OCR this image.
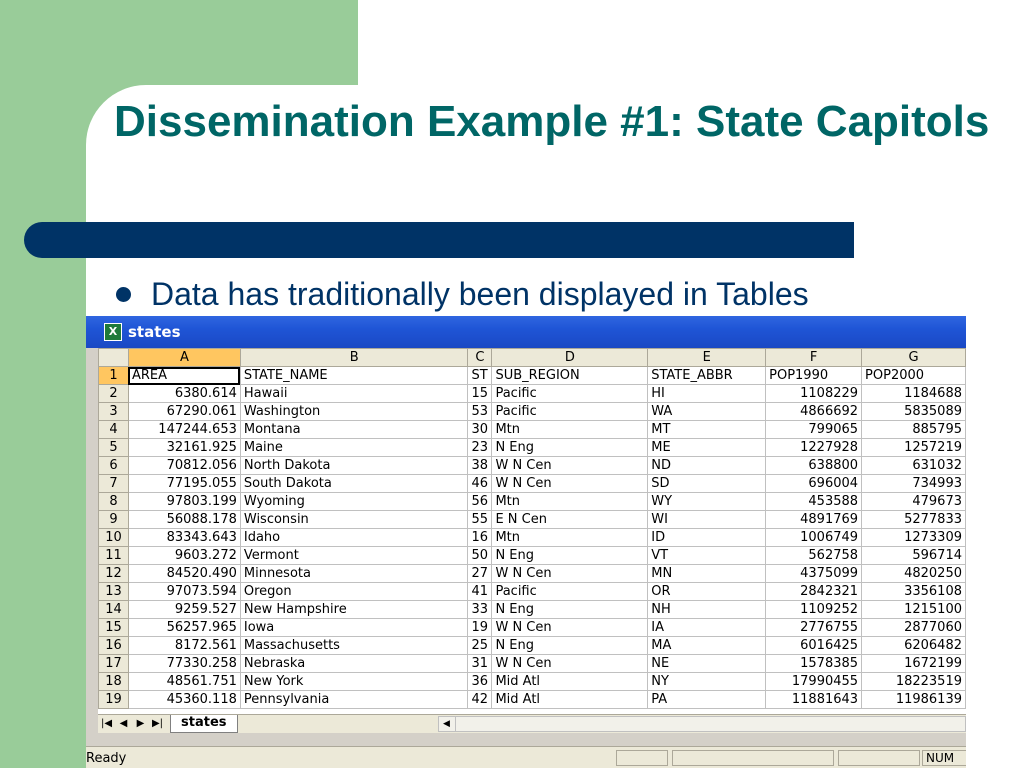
Dissemination Example #1: State Capitols
Data has traditionally been displayed in Tables
X states
	A	B	C	D	E	F	G
1	AREA	STATE_NAME	ST	SUB_REGION	STATE_ABBR	POP1990	POP2000
2	6380.614	Hawaii	15	Pacific	HI	1108229	1184688
3	67290.061	Washington	53	Pacific	WA	4866692	5835089
4	147244.653	Montana	30	Mtn	MT	799065	885795
5	32161.925	Maine	23	N Eng	ME	1227928	1257219
6	70812.056	North Dakota	38	W N Cen	ND	638800	631032
7	77195.055	South Dakota	46	W N Cen	SD	696004	734993
8	97803.199	Wyoming	56	Mtn	WY	453588	479673
9	56088.178	Wisconsin	55	E N Cen	WI	4891769	5277833
10	83343.643	Idaho	16	Mtn	ID	1006749	1273309
11	9603.272	Vermont	50	N Eng	VT	562758	596714
12	84520.490	Minnesota	27	W N Cen	MN	4375099	4820250
13	97073.594	Oregon	41	Pacific	OR	2842321	3356108
14	9259.527	New Hampshire	33	N Eng	NH	1109252	1215100
15	56257.965	Iowa	19	W N Cen	IA	2776755	2877060
16	8172.561	Massachusetts	25	N Eng	MA	6016425	6206482
17	77330.258	Nebraska	31	W N Cen	NE	1578385	1672199
18	48561.751	New York	36	Mid Atl	NY	17990455	18223519
19	45360.118	Pennsylvania	42	Mid Atl	PA	11881643	11986139
|◀ ◀ ▶ ▶|	states	◀
Ready	NUM
